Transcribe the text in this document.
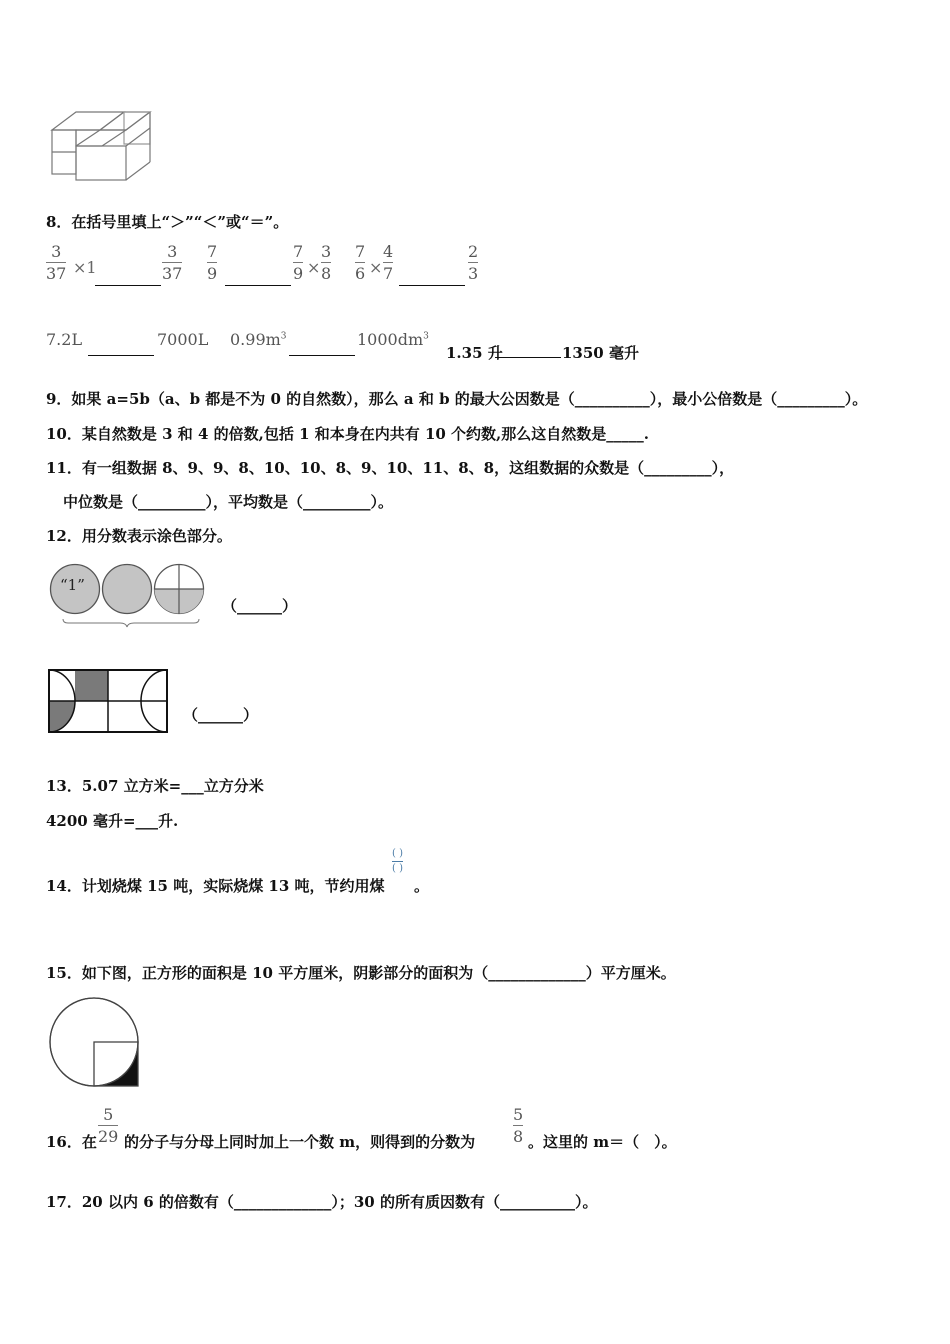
8．在括号里填上“＞”“＜”或“＝”。
$\frac{3}{37} \times 1$	$\frac{3}{37} \frac{7}{9}$	$\frac{7}{9}$ ×
$\frac{3}{8} \frac{7}{6}$ ×
$\frac{4}{7}$	$\frac{2}{3}$
7.2L	7000L $0.99m^3$	$1000dm^3$
1.35 升	1350 毫升
9．如果 a=5b（a、b 都是不为 0 的自然数），那么 a 和 b 的最大公因数是（__________），最小公倍数是（_________）。
10．某自然数是 3 和 4 的倍数,包括 1 和本身在内共有 10 个约数,那么这自然数是_____.
11．有一组数据 8、9、9、8、10、10、8、9、10、11、8、8，这组数据的众数是（_________），
中位数是（_________），平均数是（_________）。
12．用分数表示涂色部分。
“1”
（______）
（______）
13．5.07 立方米=___立方分米
4200 毫升=___升.
14．计划烧煤 15 吨，实际烧煤 13 吨，节约用煤
( )
( )
。
15．如下图，正方形的面积是 10 平方厘米，阴影部分的面积为（_____________）平方厘米。
16．在 $\frac{5}{29}$ 的分子与分母上同时加上一个数 m，则得到的分数为 $\frac{5}{8}$ 。这里的 m＝（　）。
17．20 以内 6 的倍数有（_____________）；30 的所有质因数有（__________）。
